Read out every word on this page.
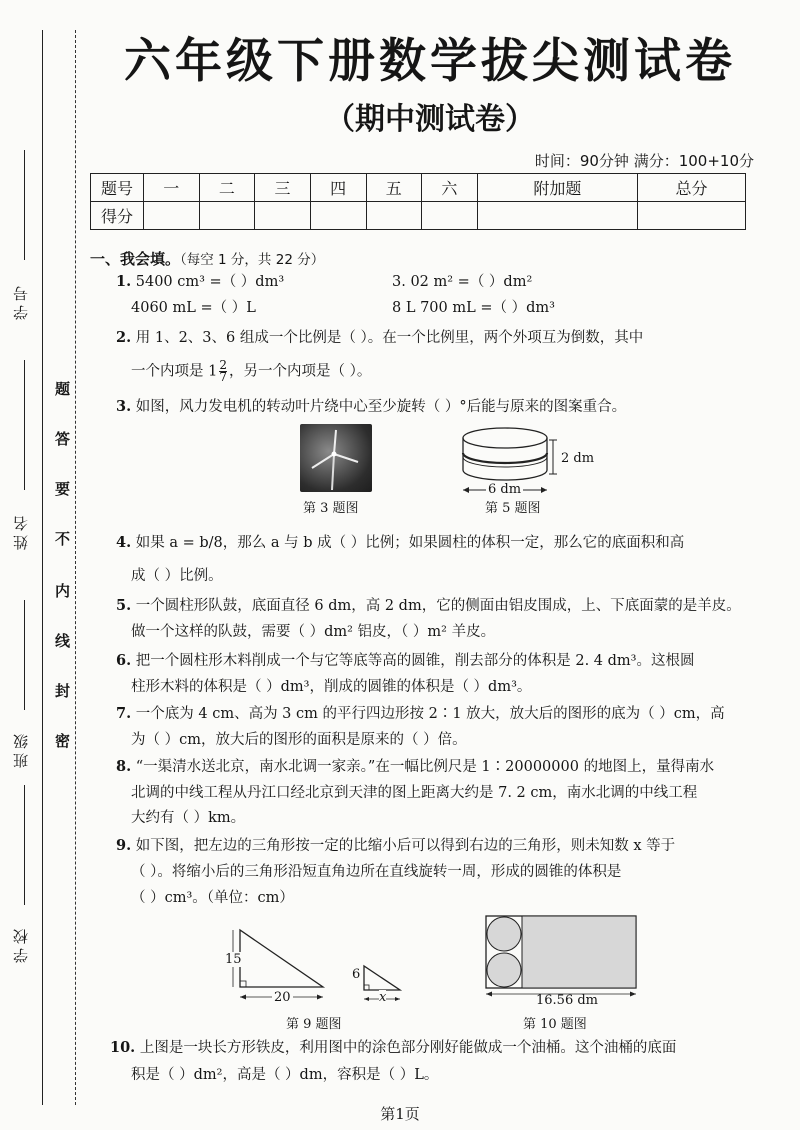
学号
姓名
班级
学校
题
答
要
不
内
线
封
密
六年级下册数学拔尖测试卷
（期中测试卷）
时间：90分钟 满分：100+10分
题号	一	二	三	四	五	六	附加题	总分
得分								
一、我会填。（每空 1 分，共 22 分）
1. 5400 cm³ =（ ）dm³	3. 02 m² =（ ）dm²
4060 mL =（ ）L	8 L 700 mL =（ ）dm³
2. 用 1、2、3、6 组成一个比例是（ ）。在一个比例里，两个外项互为倒数，其中
一个内项是 $1 \frac{2}{7}$ ，另一个内项是（ ）。
3. 如图，风力发电机的转动叶片绕中心至少旋转（ ）°后能与原来的图案重合。
第 3 题图
2 dm
6 dm
第 5 题图
4. 如果 a = b/8，那么 a 与 b 成（ ）比例；如果圆柱的体积一定，那么它的底面积和高
成（ ）比例。
5. 一个圆柱形队鼓，底面直径 6 dm，高 2 dm，它的侧面由铝皮围成，上、下底面蒙的是羊皮。
做一个这样的队鼓，需要（ ）dm² 铝皮，（ ）m² 羊皮。
6. 把一个圆柱形木料削成一个与它等底等高的圆锥，削去部分的体积是 2. 4 dm³。这根圆
柱形木料的体积是（ ）dm³，削成的圆锥的体积是（ ）dm³。
7. 一个底为 4 cm、高为 3 cm 的平行四边形按 2∶1 放大，放大后的图形的底为（ ）cm，高
为（ ）cm，放大后的图形的面积是原来的（ ）倍。
8. “一渠清水送北京，南水北调一家亲。”在一幅比例尺是 1∶20000000 的地图上，量得南水
北调的中线工程从丹江口经北京到天津的图上距离大约是 7. 2 cm，南水北调的中线工程
大约有（ ）km。
9. 如下图，把左边的三角形按一定的比缩小后可以得到右边的三角形，则未知数 x 等于
（ ）。将缩小后的三角形沿短直角边所在直线旋转一周，形成的圆锥的体积是
（ ）cm³。（单位：cm）
15
20
6
x
第 9 题图
16.56 dm
第 10 题图
10. 上图是一块长方形铁皮，利用图中的涂色部分刚好能做成一个油桶。这个油桶的底面
积是（ ）dm²，高是（ ）dm，容积是（ ）L。
第1页
